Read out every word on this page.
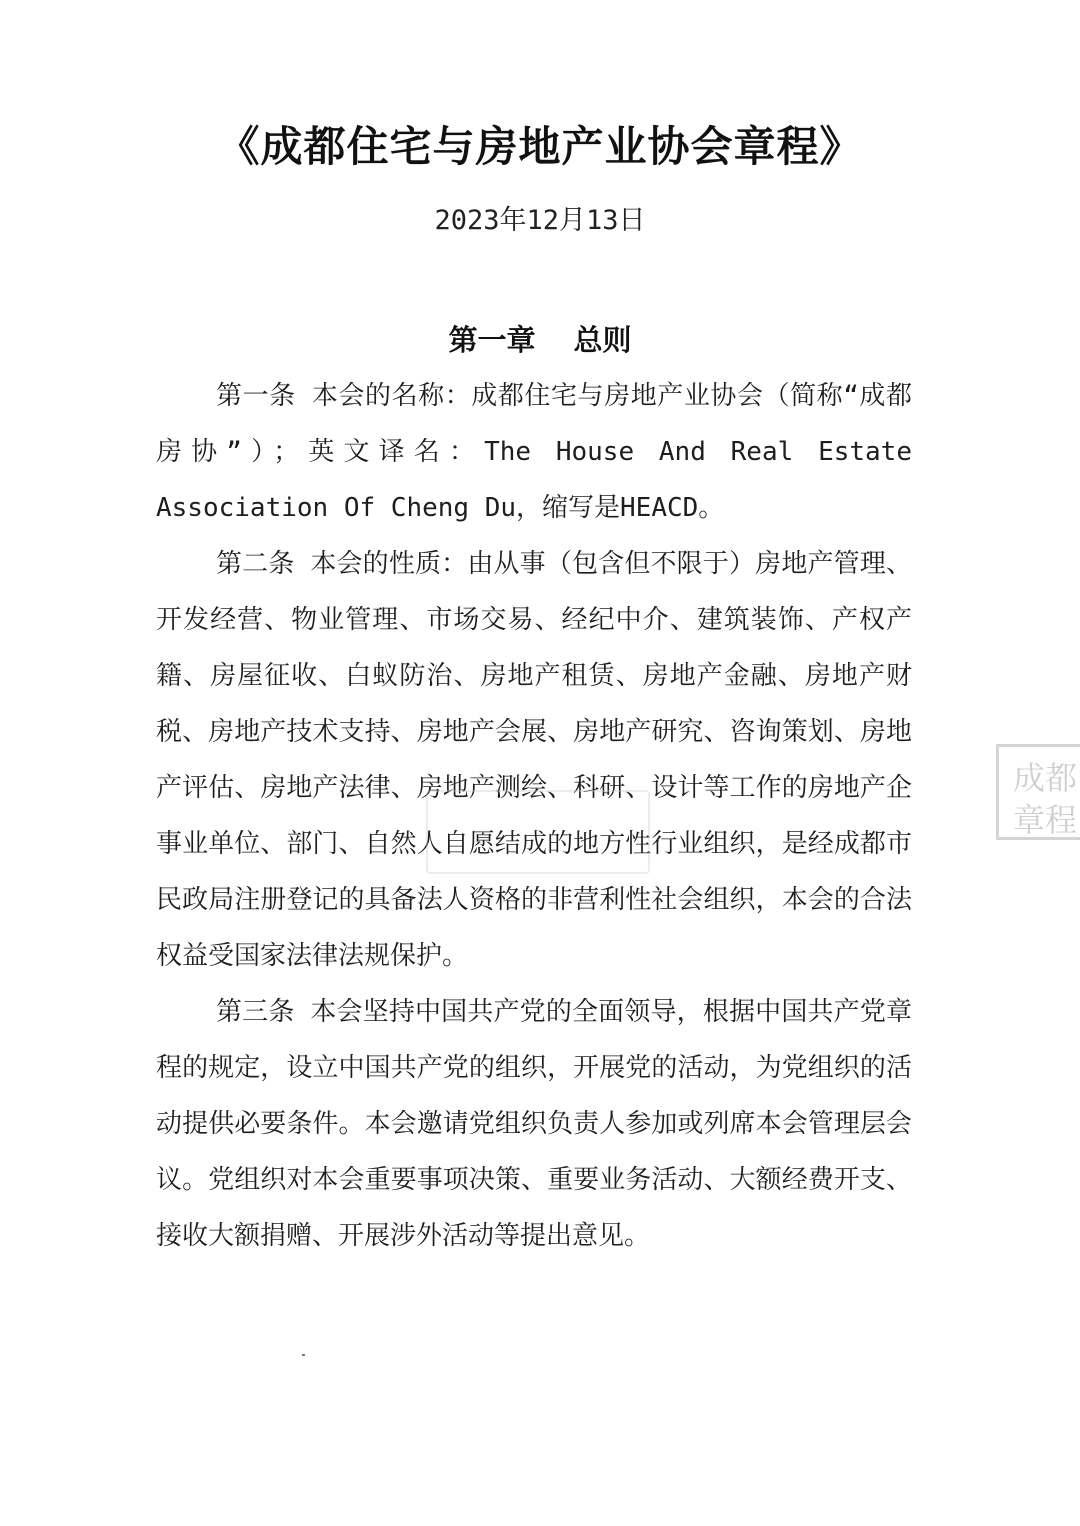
《成都住宅与房地产业协会章程》
2023年12月13日
第一章 总则

第一条 本会的名称：成都住宅与房地产业协会（简称“成都房协”）；英文译名：The House And Real Estate Association Of Cheng Du，缩写是HEACD。

第二条 本会的性质：由从事（包含但不限于）房地产管理、开发经营、物业管理、市场交易、经纪中介、建筑装饰、产权产籍、房屋征收、白蚁防治、房地产租赁、房地产金融、房地产财税、房地产技术支持、房地产会展、房地产研究、咨询策划、房地产评估、房地产法律、房地产测绘、科研、设计等工作的房地产企事业单位、部门、自然人自愿结成的地方性行业组织，是经成都市民政局注册登记的具备法人资格的非营利性社会组织，本会的合法权益受国家法律法规保护。

第三条 本会坚持中国共产党的全面领导，根据中国共产党章程的规定，设立中国共产党的组织，开展党的活动，为党组织的活动提供必要条件。本会邀请党组织负责人参加或列席本会管理层会议。党组织对本会重要事项决策、重要业务活动、大额经费开支、接收大额捐赠、开展涉外活动等提出意见。

成都
章程
